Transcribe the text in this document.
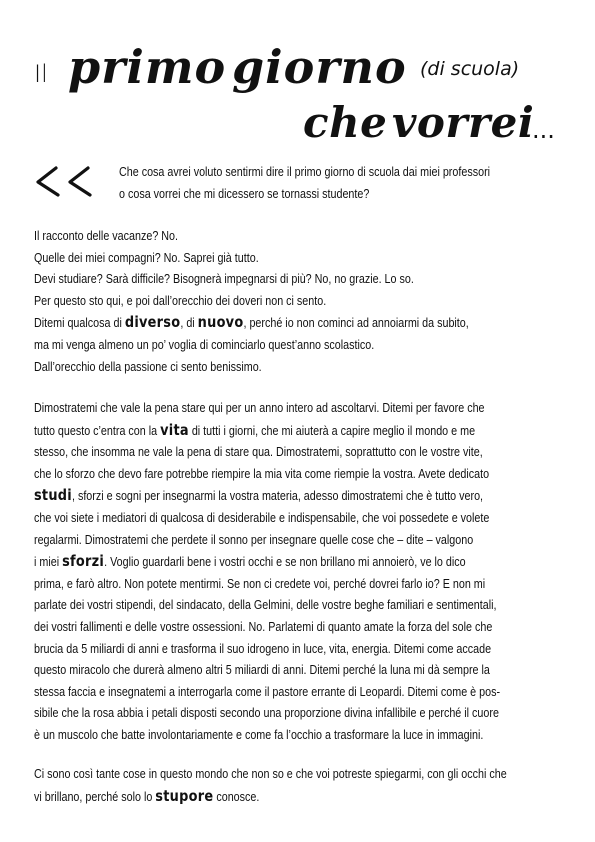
Il primo giorno (di scuola)
che vorrei
...
Che cosa avrei voluto sentirmi dire il primo giorno di scuola dai miei professori
o cosa vorrei che mi dicessero se tornassi studente?
Il racconto delle vacanze? No.
Quelle dei miei compagni? No. Saprei già tutto.
Devi studiare? Sarà difficile? Bisognerà impegnarsi di più? No, no grazie. Lo so.
Per questo sto qui, e poi dall’orecchio dei doveri non ci sento.
Ditemi qualcosa di diverso, di nuovo, perché io non cominci ad annoiarmi da subito,
ma mi venga almeno un po’ voglia di cominciarlo quest’anno scolastico.
Dall’orecchio della passione ci sento benissimo.
Dimostratemi che vale la pena stare qui per un anno intero ad ascoltarvi. Ditemi per favore che
tutto questo c’entra con la vita di tutti i giorni, che mi aiuterà a capire meglio il mondo e me
stesso, che insomma ne vale la pena di stare qua. Dimostratemi, soprattutto con le vostre vite,
che lo sforzo che devo fare potrebbe riempire la mia vita come riempie la vostra. Avete dedicato
studi, sforzi e sogni per insegnarmi la vostra materia, adesso dimostratemi che è tutto vero,
che voi siete i mediatori di qualcosa di desiderabile e indispensabile, che voi possedete e volete
regalarmi. Dimostratemi che perdete il sonno per insegnare quelle cose che – dite – valgono
i miei sforzi. Voglio guardarli bene i vostri occhi e se non brillano mi annoierò, ve lo dico
prima, e farò altro. Non potete mentirmi. Se non ci credete voi, perché dovrei farlo io? E non mi
parlate dei vostri stipendi, del sindacato, della Gelmini, delle vostre beghe familiari e sentimentali,
dei vostri fallimenti e delle vostre ossessioni. No. Parlatemi di quanto amate la forza del sole che
brucia da 5 miliardi di anni e trasforma il suo idrogeno in luce, vita, energia. Ditemi come accade
questo miracolo che durerà almeno altri 5 miliardi di anni. Ditemi perché la luna mi dà sempre la
stessa faccia e insegnatemi a interrogarla come il pastore errante di Leopardi. Ditemi come è pos-
sibile che la rosa abbia i petali disposti secondo una proporzione divina infallibile e perché il cuore
è un muscolo che batte involontariamente e come fa l’occhio a trasformare la luce in immagini.
Ci sono così tante cose in questo mondo che non so e che voi potreste spiegarmi, con gli occhi che
vi brillano, perché solo lo stupore conosce.
